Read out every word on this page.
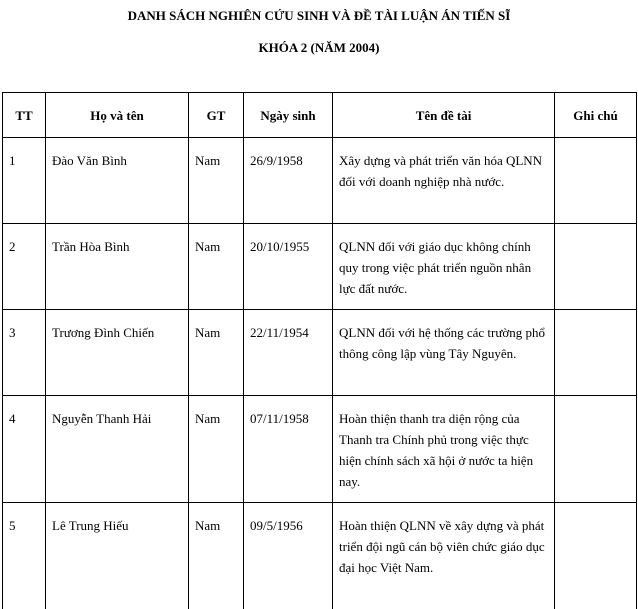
DANH SÁCH NGHIÊN CỨU SINH VÀ ĐỀ TÀI LUẬN ÁN TIẾN SĨ
KHÓA 2 (NĂM 2004)
TT	Họ và tên	GT	Ngày sinh	Tên đề tài	Ghi chú
1	Đào Văn Bình	Nam	26/9/1958	Xây dựng và phát triển văn hóa QLNN đối với doanh nghiệp nhà nước.	
2	Trần Hòa Bình	Nam	20/10/1955	QLNN đối với giáo dục không chính quy trong việc phát triển nguồn nhân lực đất nước.	
3	Trương Đình Chiến	Nam	22/11/1954	QLNN đối với hệ thống các trường phổ thông công lập vùng Tây Nguyên.	
4	Nguyễn Thanh Hải	Nam	07/11/1958	Hoàn thiện thanh tra diện rộng của Thanh tra Chính phủ trong việc thực hiện chính sách xã hội ở nước ta hiện nay.	
5	Lê Trung Hiếu	Nam	09/5/1956	Hoàn thiện QLNN về xây dựng và phát triển đội ngũ cán bộ viên chức giáo dục đại học Việt Nam.	
